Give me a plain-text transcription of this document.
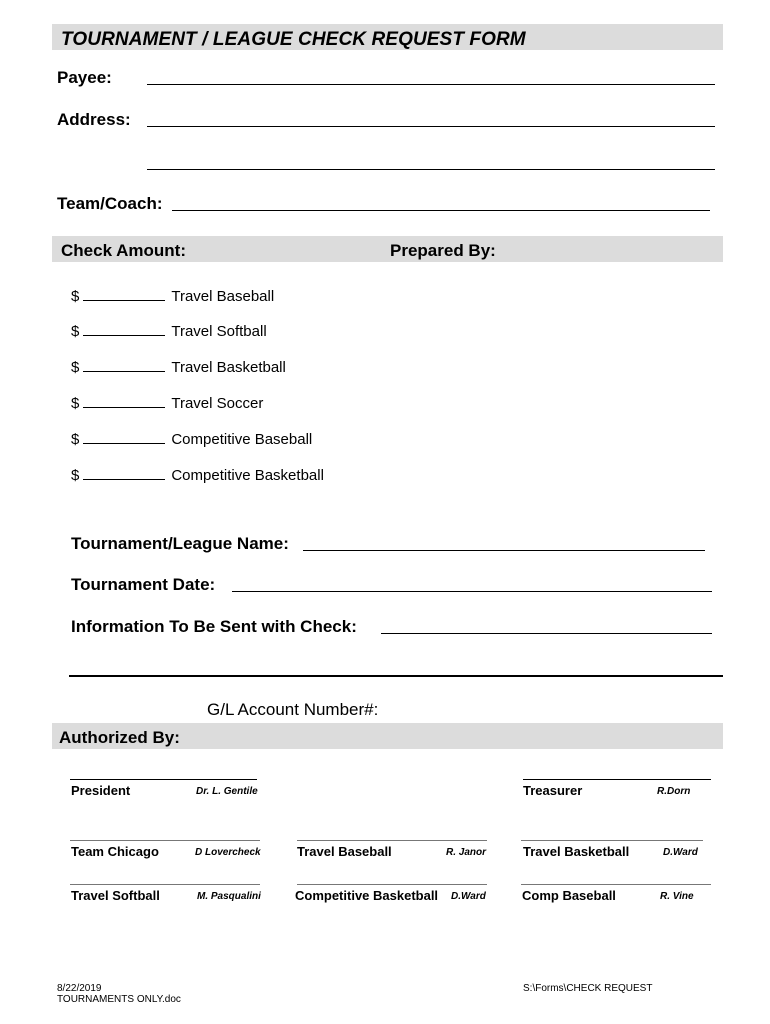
TOURNAMENT / LEAGUE CHECK REQUEST FORM
Payee:
Address:
Team/Coach:
Check Amount:	Prepared By:
$	Travel Baseball
$	Travel Softball
$	Travel Basketball
$	Travel Soccer
$	Competitive Baseball
$	Competitive Basketball
Tournament/League Name:
Tournament Date:
Information To Be Sent with Check:
G/L Account Number#:
Authorized By:
President	Dr. L. Gentile	Treasurer	R.Dorn
Team Chicago	D Lovercheck	Travel Baseball	R. Janor	Travel Basketball	D.Ward
Travel Softball	M. Pasqualini	Competitive Basketball D.Ward	Comp Baseball	R. Vine
8/22/2019
TOURNAMENTS ONLY.doc
S:\Forms\CHECK REQUEST
